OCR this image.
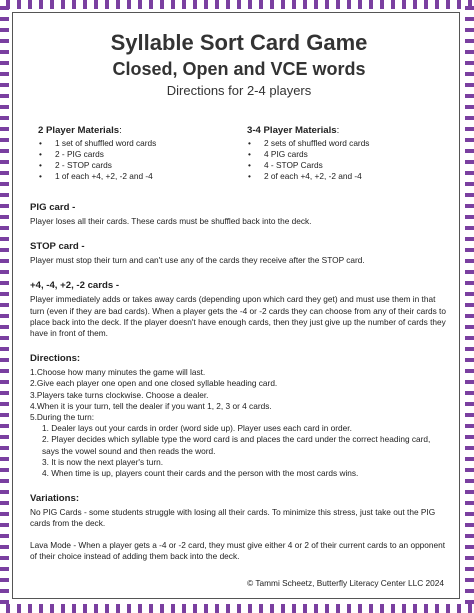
Syllable Sort Card Game
Closed, Open and VCE words
Directions for 2-4 players
2 Player Materials:
• 1 set of shuffled word cards
• 2 - PIG cards
• 2 - STOP cards
• 1 of each +4, +2, -2 and -4
3-4 Player Materials:
• 2 sets of shuffled word cards
• 4 PIG cards
• 4 - STOP Cards
• 2 of each +4, +2, -2 and -4
PIG card -

Player loses all their cards. These cards must be shuffled back into the deck.

STOP card -

Player must stop their turn and can't use any of the cards they receive after the STOP card.

+4, -4, +2, -2 cards -

Player immediately adds or takes away cards (depending upon which card they get) and must use them in that turn (even if they are bad cards). When a player gets the -4 or -2 cards they can choose from any of their cards to place back into the deck. If the player doesn't have enough cards, then they just give up the number of cards they have in front of them.

Directions:

1.Choose how many minutes the game will last.

2.Give each player one open and one closed syllable heading card.

3.Players take turns clockwise. Choose a dealer.

4.When it is your turn, tell the dealer if you want 1, 2, 3 or 4 cards.

5.During the turn:

1. Dealer lays out your cards in order (word side up). Player uses each card in order.

2. Player decides which syllable type the word card is and places the card under the correct heading card, says the vowel sound and then reads the word.

3. It is now the next player's turn.

4. When time is up, players count their cards and the person with the most cards wins.

Variations:

No PIG Cards - some students struggle with losing all their cards. To minimize this stress, just take out the PIG cards from the deck.

Lava Mode - When a player gets a -4 or -2 card, they must give either 4 or 2 of their current cards to an opponent of their choice instead of adding them back into the deck.

© Tammi Scheetz, Butterfly Literacy Center LLC 2024
